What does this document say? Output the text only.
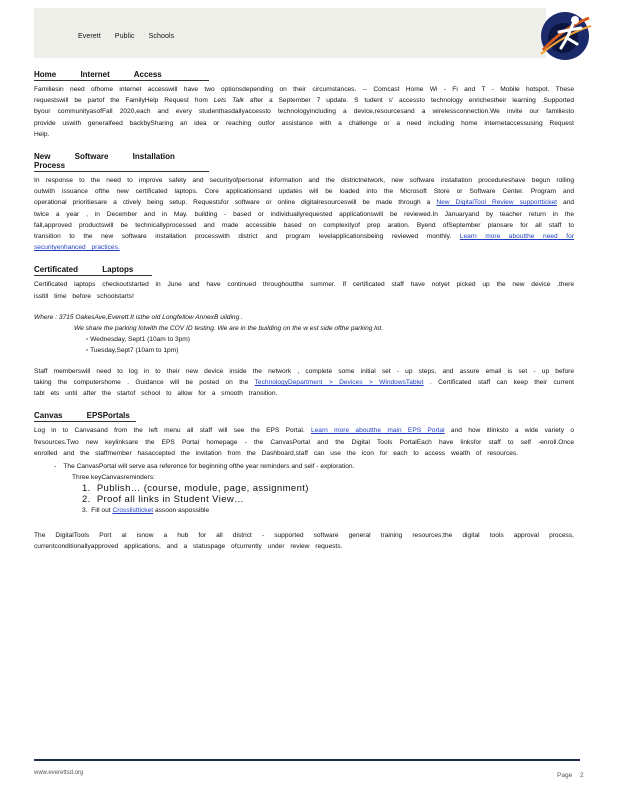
Everett Public Schools
Home Internet Access

Familiesin need ofhome internet accesswill have two optionsdepending on their circumstances. -- Comcast Home Wi - Fi and T - Mobile hotspot. These requestswill be partof the FamilyHelp Request from Lets Talk after a September 7 update. S tudent s' accessto technology enrichestheir learning .Supported byour communityasofFall 2020,each and every studenthasdailyaccessto technologyincluding a device,resourcesand a wirelessconnection.We invite our familiesto provide uswith generalfeed backbySharing an idea or reaching outfor assistance with a challenge or a need including home internetaccessusing Request Help.

New Software Installation Process

In response to the need to improve safety and securityofpersonal information and the districtnetwork, new software installation procedureshave begun rolling outwith issuance ofthe new certificated laptops. Core applicationsand updates will be loaded into the Microsoft Store or Software Center. Program and operational prioritiesare a ctively being setup. Requestsfor software or online digitalresourceswill be made through a New DigitalTool Review supportticket and twice a year , in December and in May. building - based or individuallyrequested applicationswill be reviewed.In Januaryand by teacher return in the fall,approved productswill be technicallyprocessed and made accessible based on complexityof prep aration. Byend ofSeptember plansare for all staff to transition to the new software installation processwith district and program levelapplicationsbeing reviewed monthly. Learn more aboutthe need for securityenhanced practices.

Certificated Laptops

Certificated laptops checkoutstarted in June and have continued throughoutthe summer. If certificated staff have notyet picked up the new device ,there isstill time before schoolstarts!

Where : 3715 OakesAve,Everett.It isthe old Longfellow AnnexB uilding .
We share the parking lotwith the COV ID testing. We are in the building on the w est side ofthe parking lot.
▫ Wednesday, Sept1 (10am to 3pm)
▫ Tuesday,Sept7 (10am to 1pm)

Staff memberswill need to log in to their new device inside the network , complete some initial set - up steps, and assure email is set - up before taking the computershome . Guidance will be posted on the TechnologyDepartment > Devices > WindowsTablet . Certificated staff can keep their current tabl ets until after the startof school to allow for a smooth transition.

Canvas EPSPortals

Log in to Canvasand from the left menu all staff will see the EPS Portal. Learn more aboutthe main EPS Portal and how itlinksto a wide variety o fresources.Two new keylinksare the EPS Portal homepage - the CanvasPortal and the Digital Tools PortalEach have linksfor staff to self -enroll.Once enrolled and the staffmember hasaccepted the invitation from the Dashboard,staff can use the icon for each to access wealth of resources.

-    The CanvasPortal will serve asa reference for beginning ofthe year reminders and self - exploration.
Three keyCanvasreminders:
1.  Publish… (course, module, page, assignment)
2.  Proof all links in Student View…
3.  Fill out Crosslistticket assoon aspossible

The DigitalTools Port al isnow a hub for all district - supported software general training resources;the digital tools approval process, currentconditionallyapproved applications, and a statuspage ofcurrently under review requests.

www.everettsd.org	Page 2
